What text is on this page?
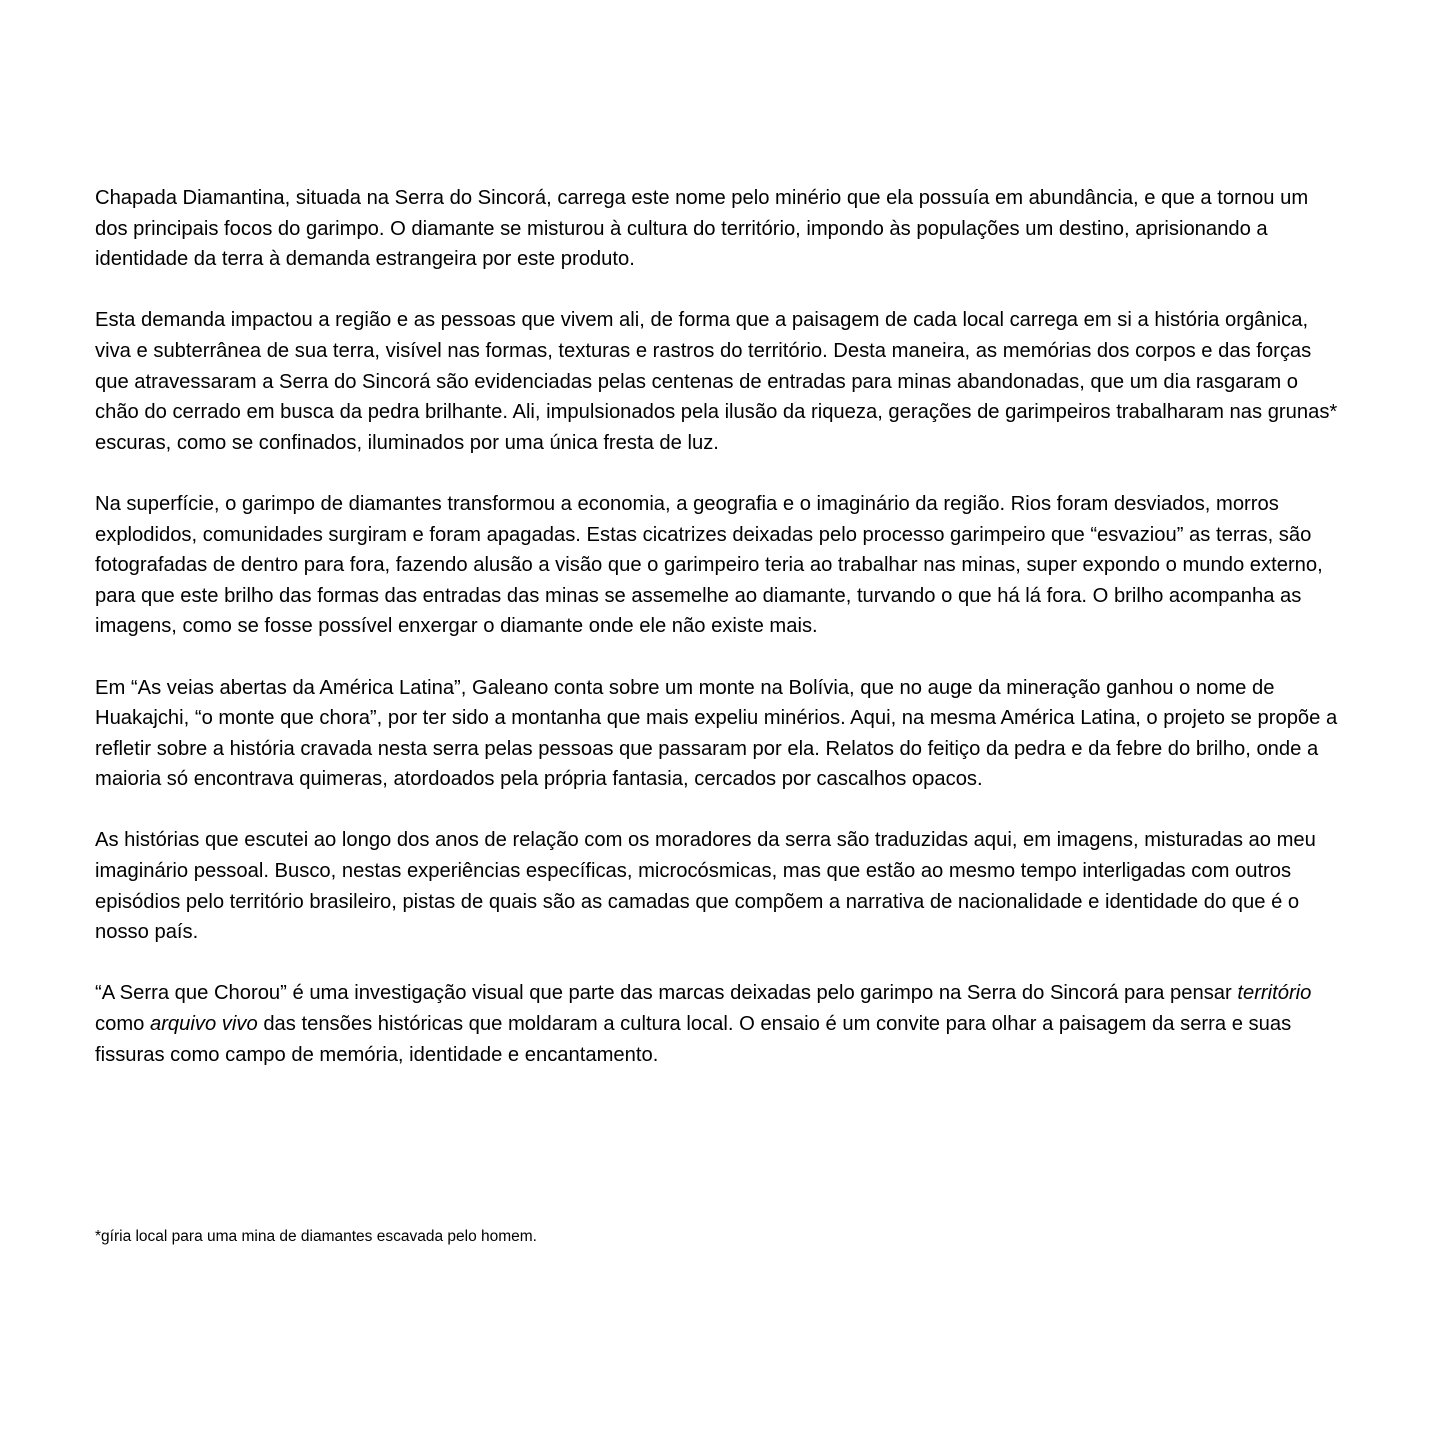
Chapada Diamantina, situada na Serra do Sincorá, carrega este nome pelo minério que ela possuía em abundância, e que a tornou um dos principais focos do garimpo. O diamante se misturou à cultura do território, impondo às populações um destino, aprisionando a identidade da terra à demanda estrangeira por este produto.

Esta demanda impactou a região e as pessoas que vivem ali, de forma que a paisagem de cada local carrega em si a história orgânica, viva e subterrânea de sua terra, visível nas formas, texturas e rastros do território. Desta maneira, as memórias dos corpos e das forças que atravessaram a Serra do Sincorá são evidenciadas pelas centenas de entradas para minas abandonadas, que um dia rasgaram o chão do cerrado em busca da pedra brilhante. Ali, impulsionados pela ilusão da riqueza, gerações de garimpeiros trabalharam nas grunas* escuras, como se confinados, iluminados por uma única fresta de luz.

Na superfície, o garimpo de diamantes transformou a economia, a geografia e o imaginário da região. Rios foram desviados, morros explodidos, comunidades surgiram e foram apagadas. Estas cicatrizes deixadas pelo processo garimpeiro que “esvaziou” as terras, são fotografadas de dentro para fora, fazendo alusão a visão que o garimpeiro teria ao trabalhar nas minas, super expondo o mundo externo, para que este brilho das formas das entradas das minas se assemelhe ao diamante, turvando o que há lá fora. O brilho acompanha as imagens, como se fosse possível enxergar o diamante onde ele não existe mais.

Em “As veias abertas da América Latina”, Galeano conta sobre um monte na Bolívia, que no auge da mineração ganhou o nome de Huakajchi, “o monte que chora”, por ter sido a montanha que mais expeliu minérios. Aqui, na mesma América Latina, o projeto se propõe a refletir sobre a história cravada nesta serra pelas pessoas que passaram por ela. Relatos do feitiço da pedra e da febre do brilho, onde a maioria só encontrava quimeras, atordoados pela própria fantasia, cercados por cascalhos opacos.

As histórias que escutei ao longo dos anos de relação com os moradores da serra são traduzidas aqui, em imagens, misturadas ao meu imaginário pessoal. Busco, nestas experiências específicas, microcósmicas, mas que estão ao mesmo tempo interligadas com outros episódios pelo território brasileiro, pistas de quais são as camadas que compõem a narrativa de nacionalidade e identidade do que é o nosso país.

“A Serra que Chorou” é uma investigação visual que parte das marcas deixadas pelo garimpo na Serra do Sincorá para pensar território como arquivo vivo das tensões históricas que moldaram a cultura local. O ensaio é um convite para olhar a paisagem da serra e suas fissuras como campo de memória, identidade e encantamento.

*gíria local para uma mina de diamantes escavada pelo homem.
